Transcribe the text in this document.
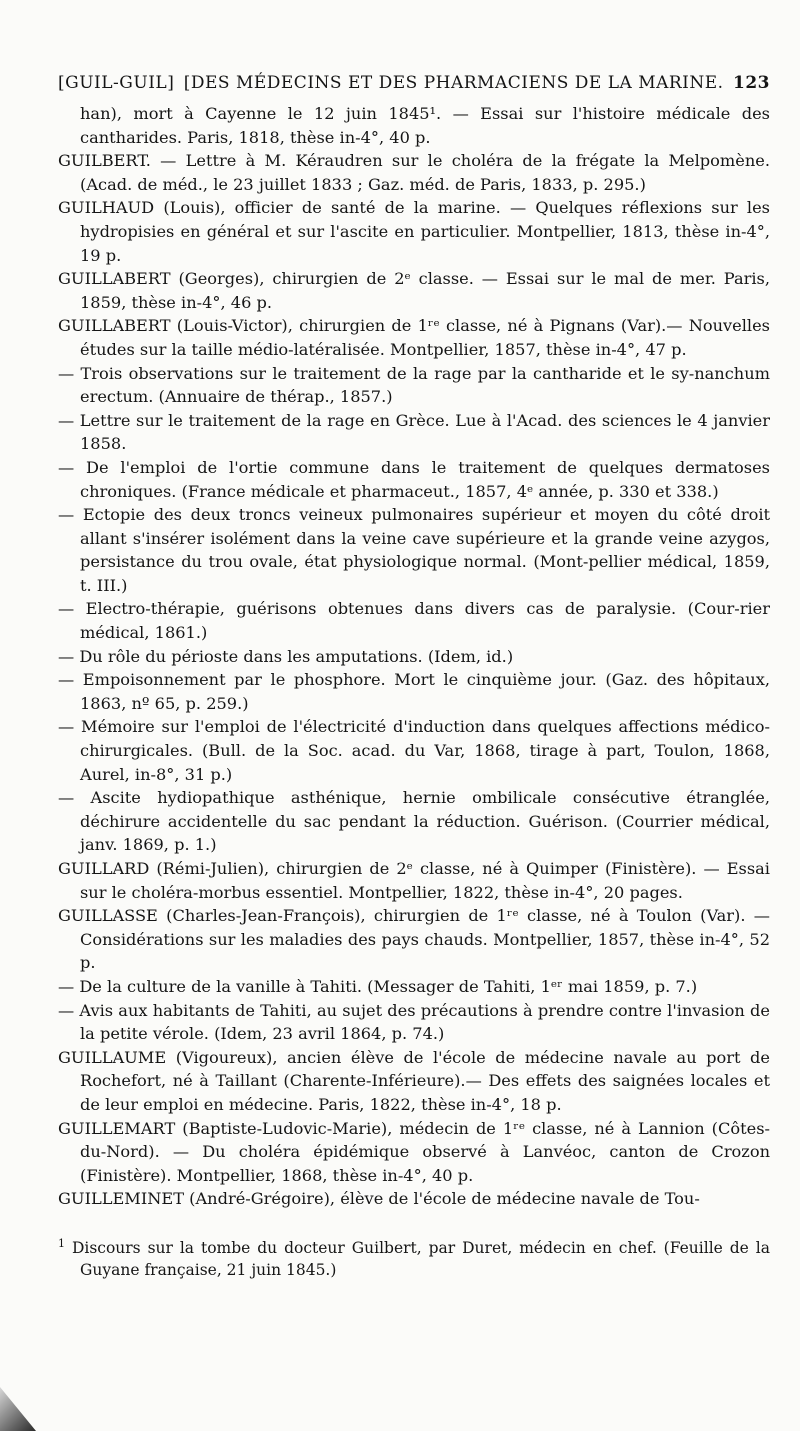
[GUIL-GUIL] [DES MÉDECINS ET DES PHARMACIENS DE LA MARINE. 123

han), mort à Cayenne le 12 juin 1845¹. — Essai sur l'histoire médicale des cantharides. Paris, 1818, thèse in-4°, 40 p.

GUILBERT. — Lettre à M. Kéraudren sur le choléra de la frégate la Melpomène. (Acad. de méd., le 23 juillet 1833 ; Gaz. méd. de Paris, 1833, p. 295.)

GUILHAUD (Louis), officier de santé de la marine. — Quelques réflexions sur les hydropisies en général et sur l'ascite en particulier. Montpellier, 1813, thèse in-4°, 19 p.

GUILLABERT (Georges), chirurgien de 2ᵉ classe. — Essai sur le mal de mer. Paris, 1859, thèse in-4°, 46 p.

GUILLABERT (Louis-Victor), chirurgien de 1ʳᵉ classe, né à Pignans (Var).— Nouvelles études sur la taille médio-latéralisée. Montpellier, 1857, thèse in-4°, 47 p.

— Trois observations sur le traitement de la rage par la cantharide et le sy-nanchum erectum. (Annuaire de thérap., 1857.)

— Lettre sur le traitement de la rage en Grèce. Lue à l'Acad. des sciences le 4 janvier 1858.

— De l'emploi de l'ortie commune dans le traitement de quelques dermatoses chroniques. (France médicale et pharmaceut., 1857, 4ᵉ année, p. 330 et 338.)

— Ectopie des deux troncs veineux pulmonaires supérieur et moyen du côté droit allant s'insérer isolément dans la veine cave supérieure et la grande veine azygos, persistance du trou ovale, état physiologique normal. (Mont-pellier médical, 1859, t. III.)

— Electro-thérapie, guérisons obtenues dans divers cas de paralysie. (Cour-rier médical, 1861.)

— Du rôle du périoste dans les amputations. (Idem, id.)

— Empoisonnement par le phosphore. Mort le cinquième jour. (Gaz. des hôpitaux, 1863, nº 65, p. 259.)

— Mémoire sur l'emploi de l'électricité d'induction dans quelques affections médico-chirurgicales. (Bull. de la Soc. acad. du Var, 1868, tirage à part, Toulon, 1868, Aurel, in-8°, 31 p.)

— Ascite hydiopathique asthénique, hernie ombilicale consécutive étranglée, déchirure accidentelle du sac pendant la réduction. Guérison. (Courrier médical, janv. 1869, p. 1.)

GUILLARD (Rémi-Julien), chirurgien de 2ᵉ classe, né à Quimper (Finistère). — Essai sur le choléra-morbus essentiel. Montpellier, 1822, thèse in-4°, 20 pages.

GUILLASSE (Charles-Jean-François), chirurgien de 1ʳᵉ classe, né à Toulon (Var). — Considérations sur les maladies des pays chauds. Montpellier, 1857, thèse in-4°, 52 p.

— De la culture de la vanille à Tahiti. (Messager de Tahiti, 1ᵉʳ mai 1859, p. 7.)

— Avis aux habitants de Tahiti, au sujet des précautions à prendre contre l'invasion de la petite vérole. (Idem, 23 avril 1864, p. 74.)

GUILLAUME (Vigoureux), ancien élève de l'école de médecine navale au port de Rochefort, né à Taillant (Charente-Inférieure).— Des effets des saignées locales et de leur emploi en médecine. Paris, 1822, thèse in-4°, 18 p.

GUILLEMART (Baptiste-Ludovic-Marie), médecin de 1ʳᵉ classe, né à Lannion (Côtes-du-Nord). — Du choléra épidémique observé à Lanvéoc, canton de Crozon (Finistère). Montpellier, 1868, thèse in-4°, 40 p.

GUILLEMINET (André-Grégoire), élève de l'école de médecine navale de Tou-

$^1$ Discours sur la tombe du docteur Guilbert, par Duret, médecin en chef. (Feuille de la Guyane française, 21 juin 1845.)
